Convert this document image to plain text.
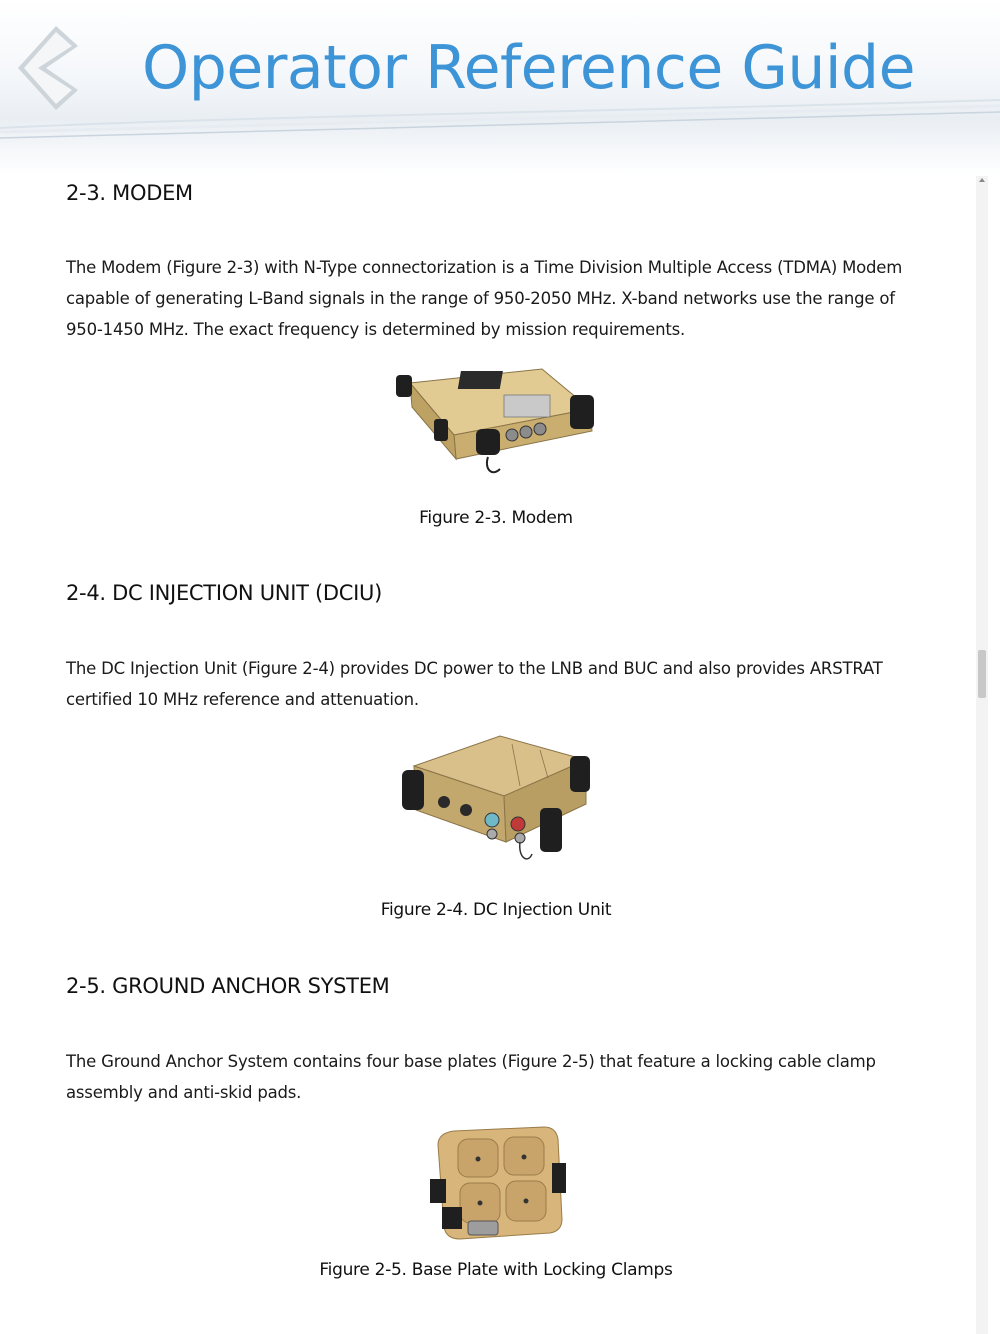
Operator Reference Guide
2-3. MODEM

The Modem (Figure 2-3) with N-Type connectorization is a Time Division Multiple Access (TDMA) Modem capable of generating L-Band signals in the range of 950-2050 MHz. X-band networks use the range of 950-1450 MHz. The exact frequency is determined by mission requirements.

Figure 2-3. Modem
2-4. DC INJECTION UNIT (DCIU)

The DC Injection Unit (Figure 2-4) provides DC power to the LNB and BUC and also provides ARSTRAT certified 10 MHz reference and attenuation.

Figure 2-4. DC Injection Unit
2-5. GROUND ANCHOR SYSTEM

The Ground Anchor System contains four base plates (Figure 2-5) that feature a locking cable clamp assembly and anti-skid pads.

Figure 2-5. Base Plate with Locking Clamps
